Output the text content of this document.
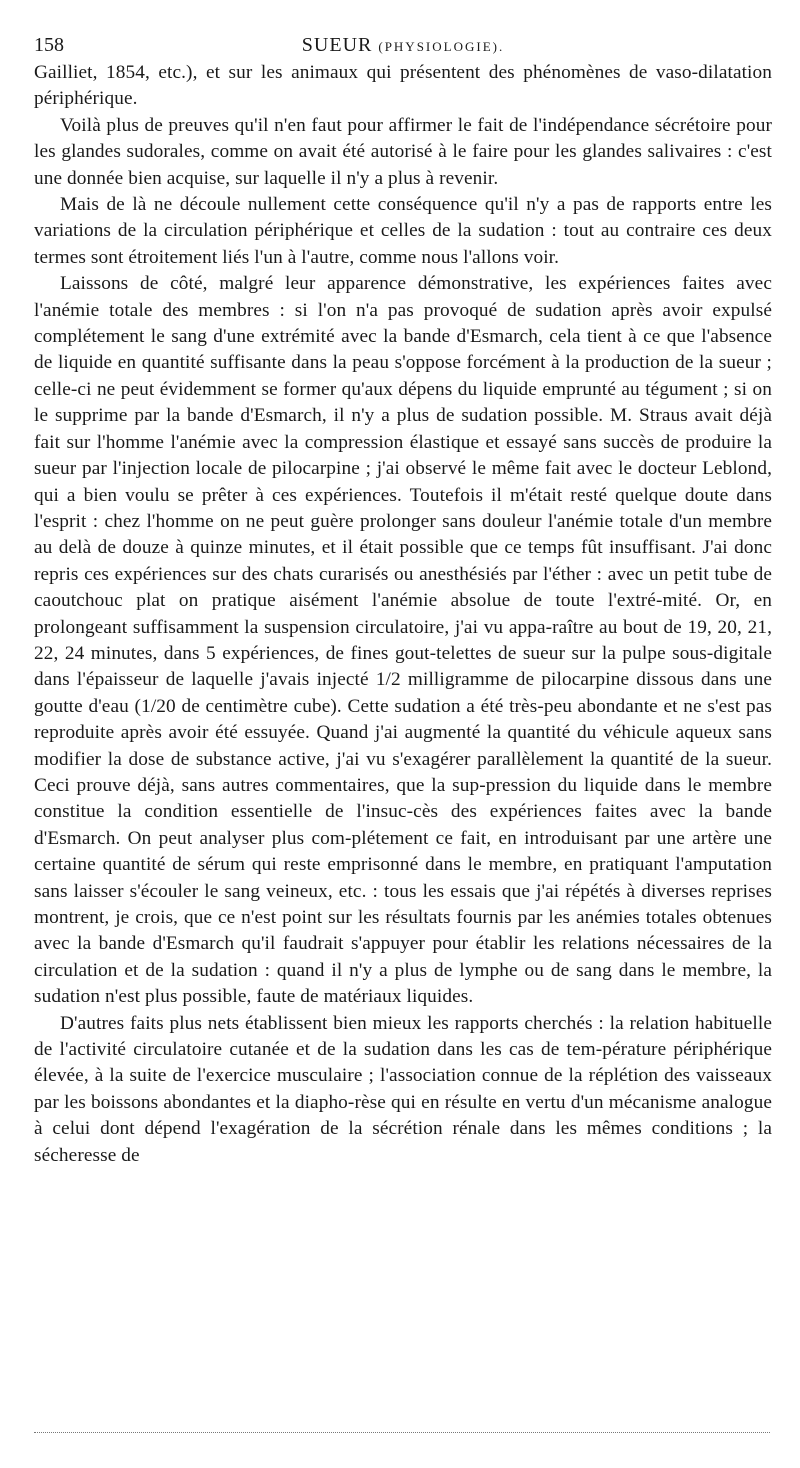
158	SUEUR (PHYSIOLOGIE).

Gailliet, 1854, etc.), et sur les animaux qui présentent des phénomènes de vaso-dilatation périphérique.

Voilà plus de preuves qu'il n'en faut pour affirmer le fait de l'indépendance sécrétoire pour les glandes sudorales, comme on avait été autorisé à le faire pour les glandes salivaires : c'est une donnée bien acquise, sur laquelle il n'y a plus à revenir.

Mais de là ne découle nullement cette conséquence qu'il n'y a pas de rapports entre les variations de la circulation périphérique et celles de la sudation : tout au contraire ces deux termes sont étroitement liés l'un à l'autre, comme nous l'allons voir.

Laissons de côté, malgré leur apparence démonstrative, les expériences faites avec l'anémie totale des membres : si l'on n'a pas provoqué de sudation après avoir expulsé complétement le sang d'une extrémité avec la bande d'Esmarch, cela tient à ce que l'absence de liquide en quantité suffisante dans la peau s'oppose forcément à la production de la sueur ; celle-ci ne peut évidemment se former qu'aux dépens du liquide emprunté au tégument ; si on le supprime par la bande d'Esmarch, il n'y a plus de sudation possible. M. Straus avait déjà fait sur l'homme l'anémie avec la compression élastique et essayé sans succès de produire la sueur par l'injection locale de pilocarpine ; j'ai observé le même fait avec le docteur Leblond, qui a bien voulu se prêter à ces expériences. Toutefois il m'était resté quelque doute dans l'esprit : chez l'homme on ne peut guère prolonger sans douleur l'anémie totale d'un membre au delà de douze à quinze minutes, et il était possible que ce temps fût insuffisant. J'ai donc repris ces expériences sur des chats curarisés ou anesthésiés par l'éther : avec un petit tube de caoutchouc plat on pratique aisément l'anémie absolue de toute l'extré-mité. Or, en prolongeant suffisamment la suspension circulatoire, j'ai vu appa-raître au bout de 19, 20, 21, 22, 24 minutes, dans 5 expériences, de fines gout-telettes de sueur sur la pulpe sous-digitale dans l'épaisseur de laquelle j'avais injecté 1/2 milligramme de pilocarpine dissous dans une goutte d'eau (1/20 de centimètre cube). Cette sudation a été très-peu abondante et ne s'est pas reproduite après avoir été essuyée. Quand j'ai augmenté la quantité du véhicule aqueux sans modifier la dose de substance active, j'ai vu s'exagérer parallèlement la quantité de la sueur. Ceci prouve déjà, sans autres commentaires, que la sup-pression du liquide dans le membre constitue la condition essentielle de l'insuc-cès des expériences faites avec la bande d'Esmarch. On peut analyser plus com-plétement ce fait, en introduisant par une artère une certaine quantité de sérum qui reste emprisonné dans le membre, en pratiquant l'amputation sans laisser s'écouler le sang veineux, etc. : tous les essais que j'ai répétés à diverses reprises montrent, je crois, que ce n'est point sur les résultats fournis par les anémies totales obtenues avec la bande d'Esmarch qu'il faudrait s'appuyer pour établir les relations nécessaires de la circulation et de la sudation : quand il n'y a plus de lymphe ou de sang dans le membre, la sudation n'est plus possible, faute de matériaux liquides.

D'autres faits plus nets établissent bien mieux les rapports cherchés : la relation habituelle de l'activité circulatoire cutanée et de la sudation dans les cas de tem-pérature périphérique élevée, à la suite de l'exercice musculaire ; l'association connue de la réplétion des vaisseaux par les boissons abondantes et la diapho-rèse qui en résulte en vertu d'un mécanisme analogue à celui dont dépend l'exagération de la sécrétion rénale dans les mêmes conditions ; la sécheresse de
